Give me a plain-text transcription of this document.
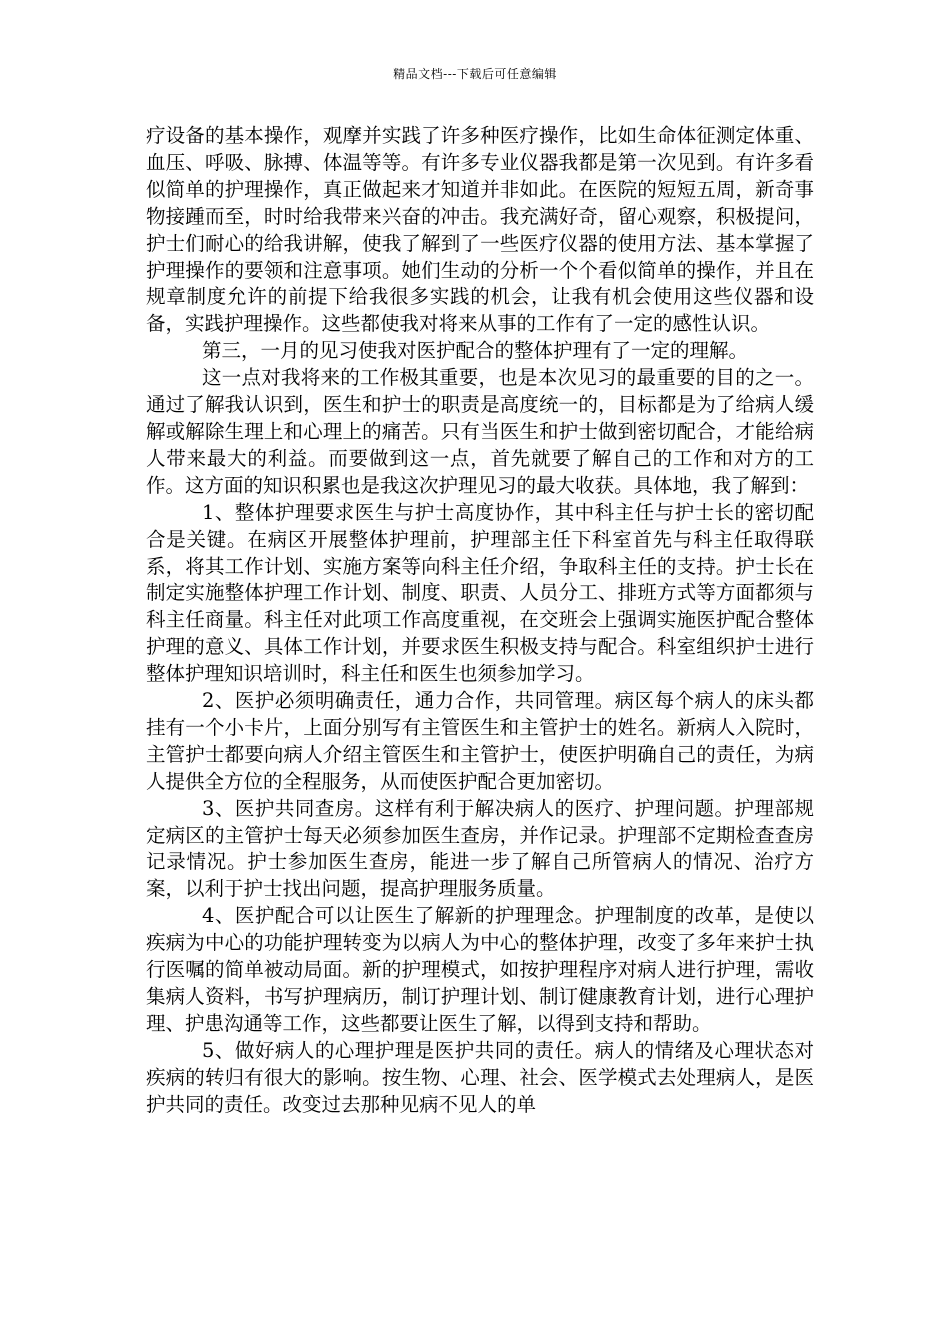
精品文档---下载后可任意编辑

疗设备的基本操作，观摩并实践了许多种医疗操作，比如生命体征测定体重、血压、呼吸、脉搏、体温等等。有许多专业仪器我都是第一次见到。有许多看似简单的护理操作，真正做起来才知道并非如此。在医院的短短五周，新奇事物接踵而至，时时给我带来兴奋的冲击。我充满好奇，留心观察，积极提问，护士们耐心的给我讲解，使我了解到了一些医疗仪器的使用方法、基本掌握了护理操作的要领和注意事项。她们生动的分析一个个看似简单的操作，并且在规章制度允许的前提下给我很多实践的机会，让我有机会使用这些仪器和设备，实践护理操作。这些都使我对将来从事的工作有了一定的感性认识。

第三，一月的见习使我对医护配合的整体护理有了一定的理解。

这一点对我将来的工作极其重要，也是本次见习的最重要的目的之一。通过了解我认识到，医生和护士的职责是高度统一的，目标都是为了给病人缓解或解除生理上和心理上的痛苦。只有当医生和护士做到密切配合，才能给病人带来最大的利益。而要做到这一点，首先就要了解自己的工作和对方的工作。这方面的知识积累也是我这次护理见习的最大收获。具体地，我了解到：

1、整体护理要求医生与护士高度协作，其中科主任与护士长的密切配合是关键。在病区开展整体护理前，护理部主任下科室首先与科主任取得联系，将其工作计划、实施方案等向科主任介绍，争取科主任的支持。护士长在制定实施整体护理工作计划、制度、职责、人员分工、排班方式等方面都须与科主任商量。科主任对此项工作高度重视，在交班会上强调实施医护配合整体护理的意义、具体工作计划，并要求医生积极支持与配合。科室组织护士进行整体护理知识培训时，科主任和医生也须参加学习。

2、医护必须明确责任，通力合作，共同管理。病区每个病人的床头都挂有一个小卡片，上面分别写有主管医生和主管护士的姓名。新病人入院时，主管护士都要向病人介绍主管医生和主管护士，使医护明确自己的责任，为病人提供全方位的全程服务，从而使医护配合更加密切。

3、医护共同查房。这样有利于解决病人的医疗、护理问题。护理部规定病区的主管护士每天必须参加医生查房，并作记录。护理部不定期检查查房记录情况。护士参加医生查房，能进一步了解自己所管病人的情况、治疗方案，以利于护士找出问题，提高护理服务质量。

4、医护配合可以让医生了解新的护理理念。护理制度的改革，是使以疾病为中心的功能护理转变为以病人为中心的整体护理，改变了多年来护士执行医嘱的简单被动局面。新的护理模式，如按护理程序对病人进行护理，需收集病人资料，书写护理病历，制订护理计划、制订健康教育计划，进行心理护理、护患沟通等工作，这些都要让医生了解，以得到支持和帮助。

5、做好病人的心理护理是医护共同的责任。病人的情绪及心理状态对疾病的转归有很大的影响。按生物、心理、社会、医学模式去处理病人，是医护共同的责任。改变过去那种见病不见人的单
